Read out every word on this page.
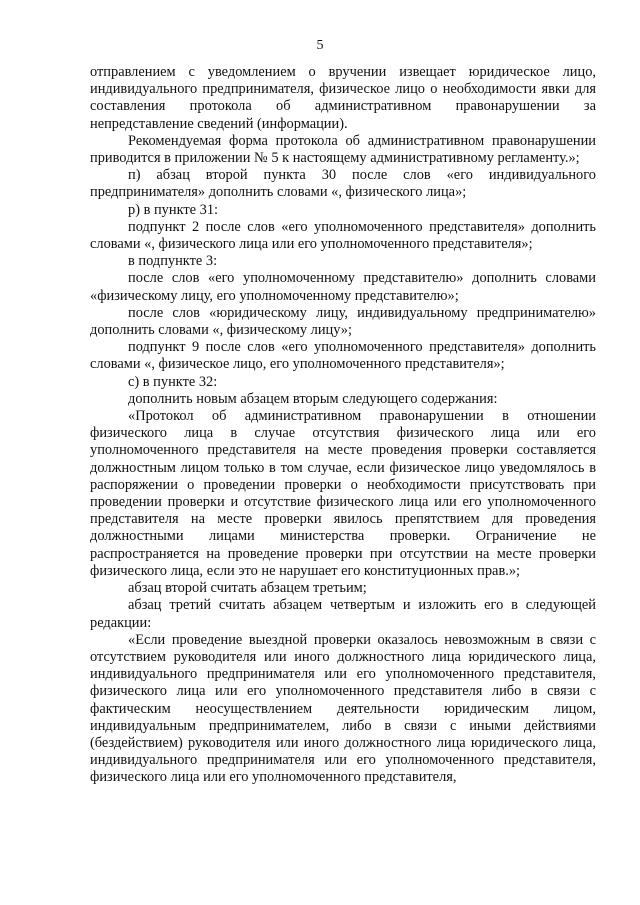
5

отправлением с уведомлением о вручении извещает юридическое лицо, индивидуального предпринимателя, физическое лицо о необходимости явки для составления протокола об административном правонарушении за непредставление сведений (информации).

Рекомендуемая форма протокола об административном правонарушении приводится в приложении № 5 к настоящему административному регламенту.»;

п) абзац второй пункта 30 после слов «его индивидуального предпринимателя» дополнить словами «, физического лица»;

р) в пункте 31:

подпункт 2 после слов «его уполномоченного представителя» дополнить словами «, физического лица или его уполномоченного представителя»;

в подпункте 3:

после слов «его уполномоченному представителю» дополнить словами «физическому лицу, его уполномоченному представителю»;

после слов «юридическому лицу, индивидуальному предпринимателю» дополнить словами «, физическому лицу»;

подпункт 9 после слов «его уполномоченного представителя» дополнить словами «, физическое лицо, его уполномоченного представителя»;

с) в пункте 32:

дополнить новым абзацем вторым следующего содержания:

«Протокол об административном правонарушении в отношении физического лица в случае отсутствия физического лица или его уполномоченного представителя на месте проведения проверки составляется должностным лицом только в том случае, если физическое лицо уведомлялось в распоряжении о проведении проверки о необходимости присутствовать при проведении проверки и отсутствие физического лица или его уполномоченного представителя на месте проверки явилось препятствием для проведения должностными лицами министерства проверки. Ограничение не распространяется на проведение проверки при отсутствии на месте проверки физического лица, если это не нарушает его конституционных прав.»;

абзац второй считать абзацем третьим;

абзац третий считать абзацем четвертым и изложить его в следующей редакции:

«Если проведение выездной проверки оказалось невозможным в связи с отсутствием руководителя или иного должностного лица юридического лица, индивидуального предпринимателя или его уполномоченного представителя, физического лица или его уполномоченного представителя либо в связи с фактическим неосуществлением деятельности юридическим лицом, индивидуальным предпринимателем, либо в связи с иными действиями (бездействием) руководителя или иного должностного лица юридического лица, индивидуального предпринимателя или его уполномоченного представителя, физического лица или его уполномоченного представителя,
